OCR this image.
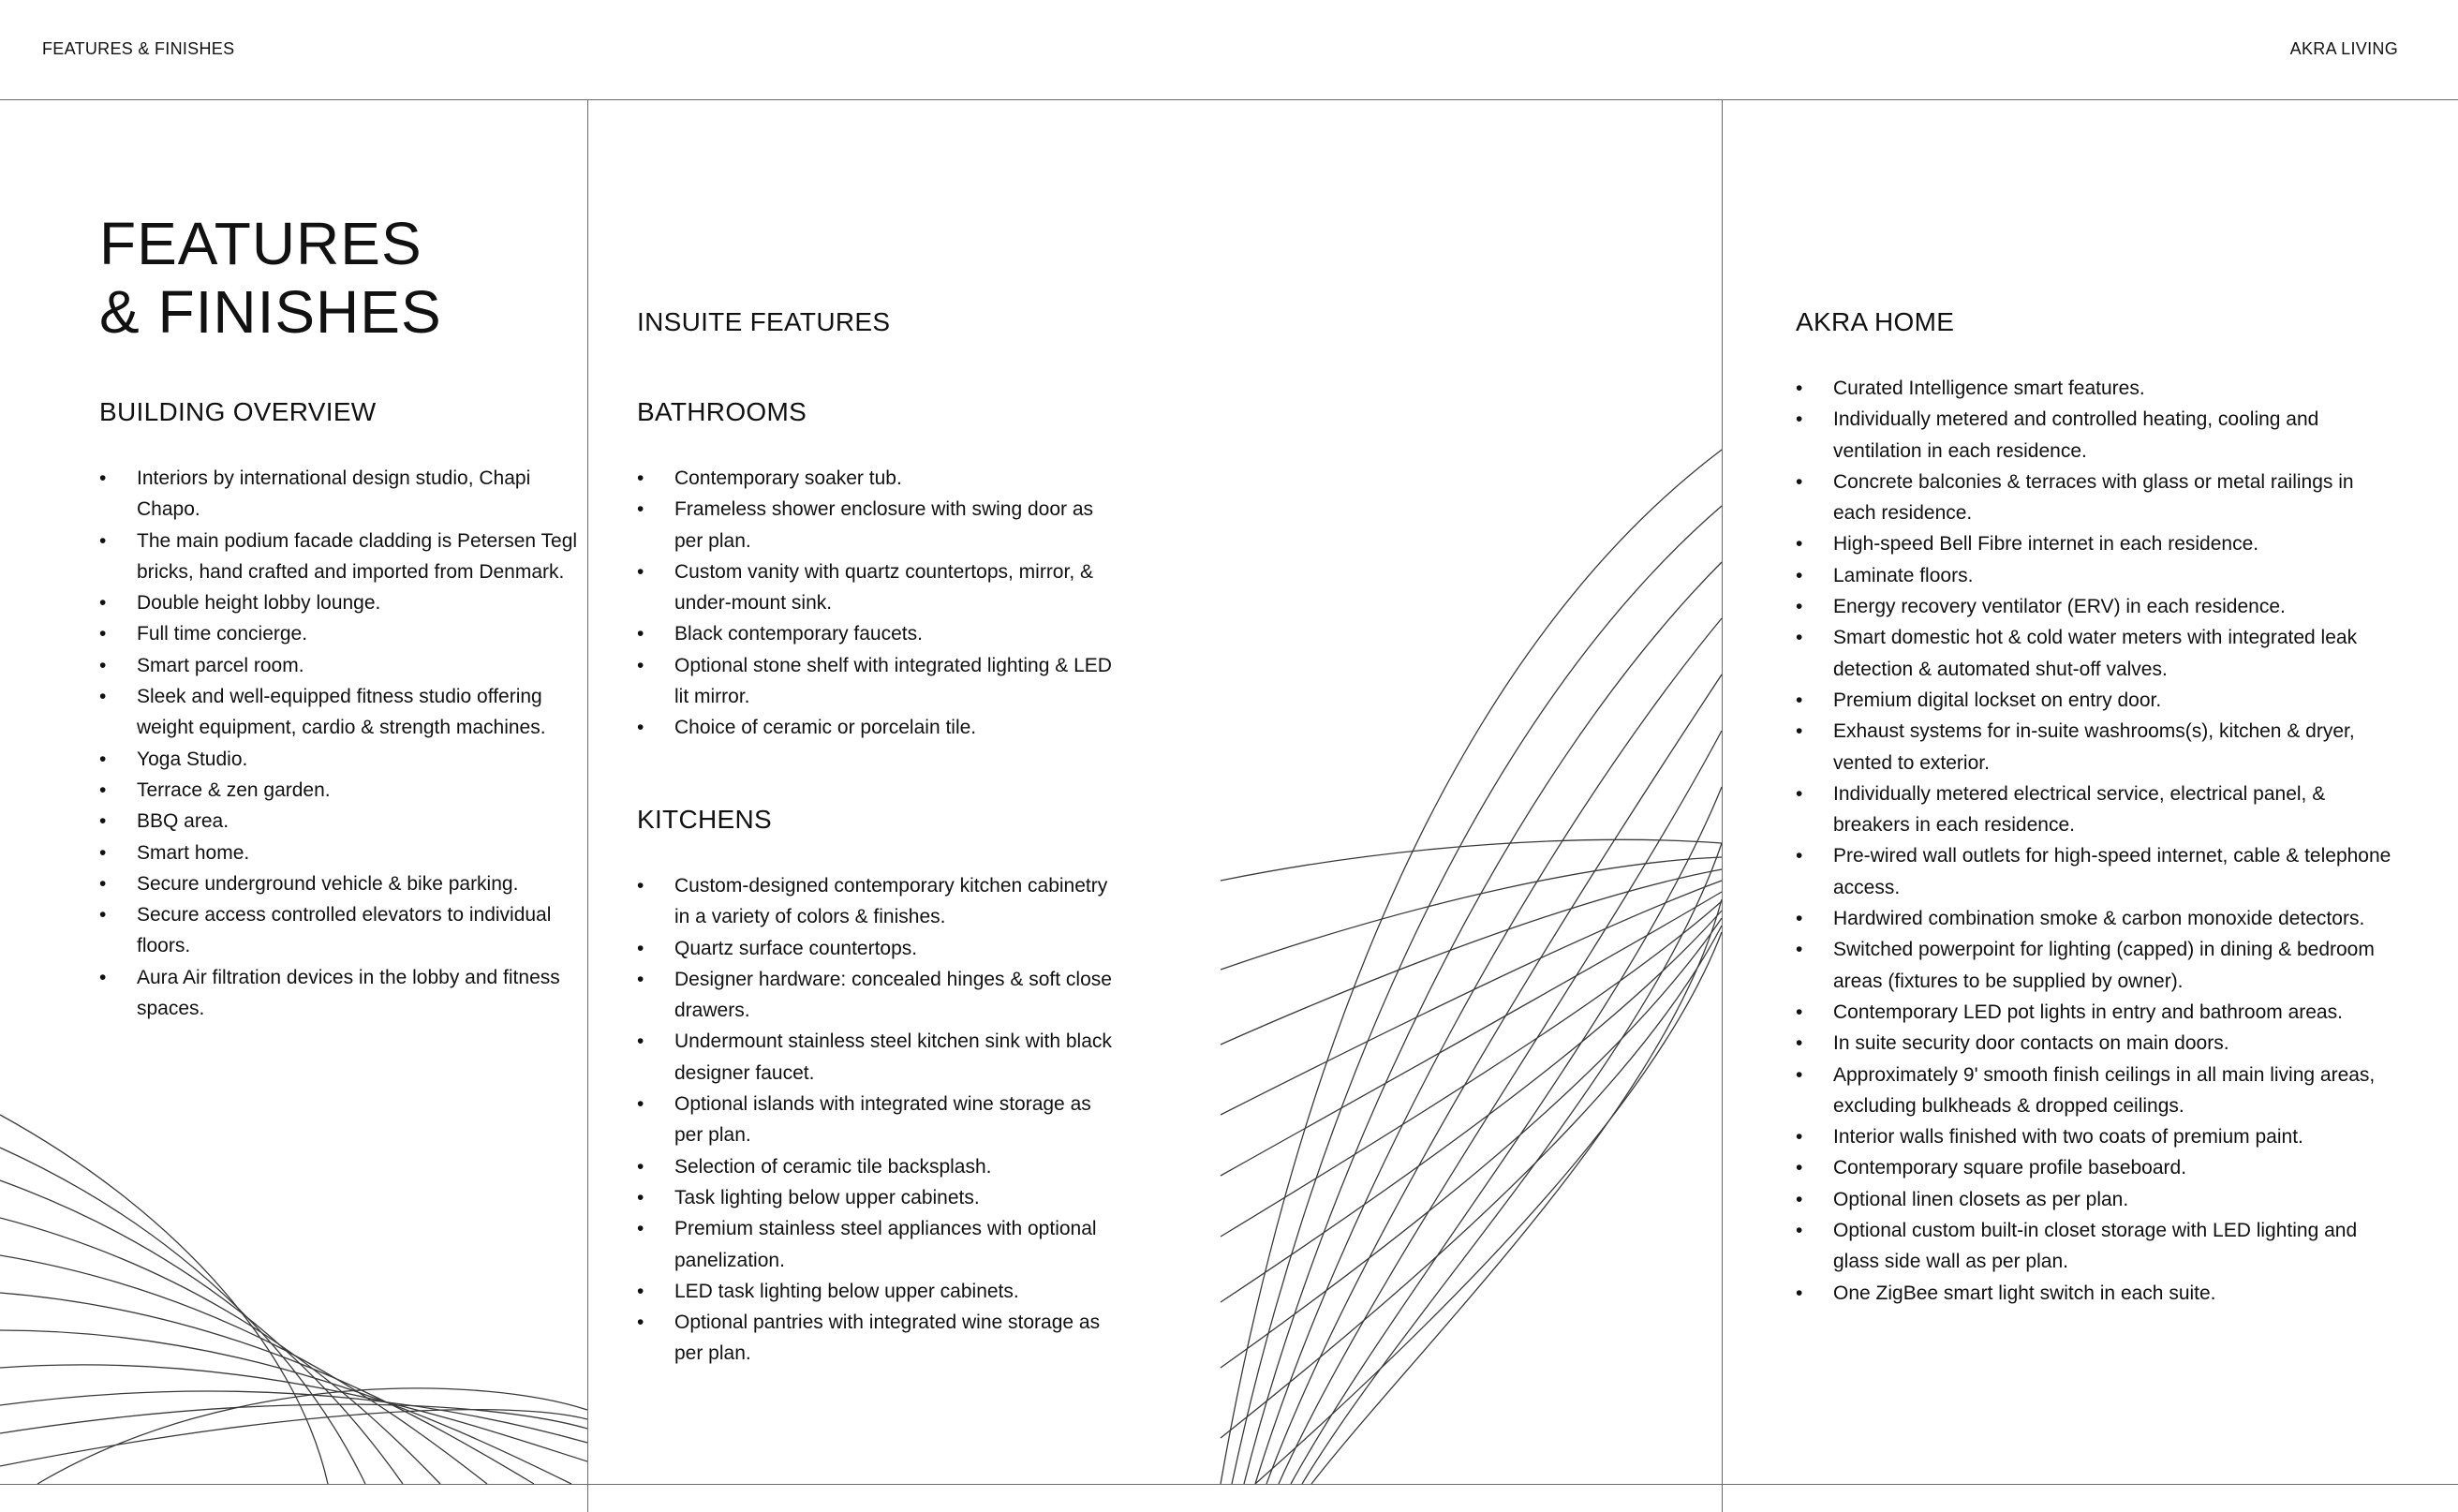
FEATURES & FINISHES	AKRA LIVING
FEATURES
& FINISHES
BUILDING OVERVIEW
• Interiors by international design studio, Chapi Chapo.
• The main podium facade cladding is Petersen Tegl bricks, hand crafted and imported from Denmark.
• Double height lobby lounge.
• Full time concierge.
• Smart parcel room.
• Sleek and well-equipped fitness studio offering weight equipment, cardio & strength machines.
• Yoga Studio.
• Terrace & zen garden.
• BBQ area.
• Smart home.
• Secure underground vehicle & bike parking.
• Secure access controlled elevators to individual floors.
• Aura Air filtration devices in the lobby and fitness spaces.
INSUITE FEATURES
BATHROOMS
• Contemporary soaker tub.
• Frameless shower enclosure with swing door as per plan.
• Custom vanity with quartz countertops, mirror, & under-mount sink.
• Black contemporary faucets.
• Optional stone shelf with integrated lighting & LED lit mirror.
• Choice of ceramic or porcelain tile.
KITCHENS
• Custom-designed contemporary kitchen cabinetry in a variety of colors & finishes.
• Quartz surface countertops.
• Designer hardware: concealed hinges & soft close drawers.
• Undermount stainless steel kitchen sink with black designer faucet.
• Optional islands with integrated wine storage as per plan.
• Selection of ceramic tile backsplash.
• Task lighting below upper cabinets.
• Premium stainless steel appliances with optional panelization.
• LED task lighting below upper cabinets.
• Optional pantries with integrated wine storage as per plan.
AKRA HOME
• Curated Intelligence smart features.
• Individually metered and controlled heating, cooling and ventilation in each residence.
• Concrete balconies & terraces with glass or metal railings in each residence.
• High-speed Bell Fibre internet in each residence.
• Laminate floors.
• Energy recovery ventilator (ERV) in each residence.
• Smart domestic hot & cold water meters with integrated leak detection & automated shut-off valves.
• Premium digital lockset on entry door.
• Exhaust systems for in-suite washrooms(s), kitchen & dryer, vented to exterior.
• Individually metered electrical service, electrical panel, & breakers in each residence.
• Pre-wired wall outlets for high-speed internet, cable & telephone access.
• Hardwired combination smoke & carbon monoxide detectors.
• Switched powerpoint for lighting (capped) in dining & bedroom areas (fixtures to be supplied by owner).
• Contemporary LED pot lights in entry and bathroom areas.
• In suite security door contacts on main doors.
• Approximately 9' smooth finish ceilings in all main living areas, excluding bulkheads & dropped ceilings.
• Interior walls finished with two coats of premium paint.
• Contemporary square profile baseboard.
• Optional linen closets as per plan.
• Optional custom built-in closet storage with LED lighting and glass side wall as per plan.
• One ZigBee smart light switch in each suite.
